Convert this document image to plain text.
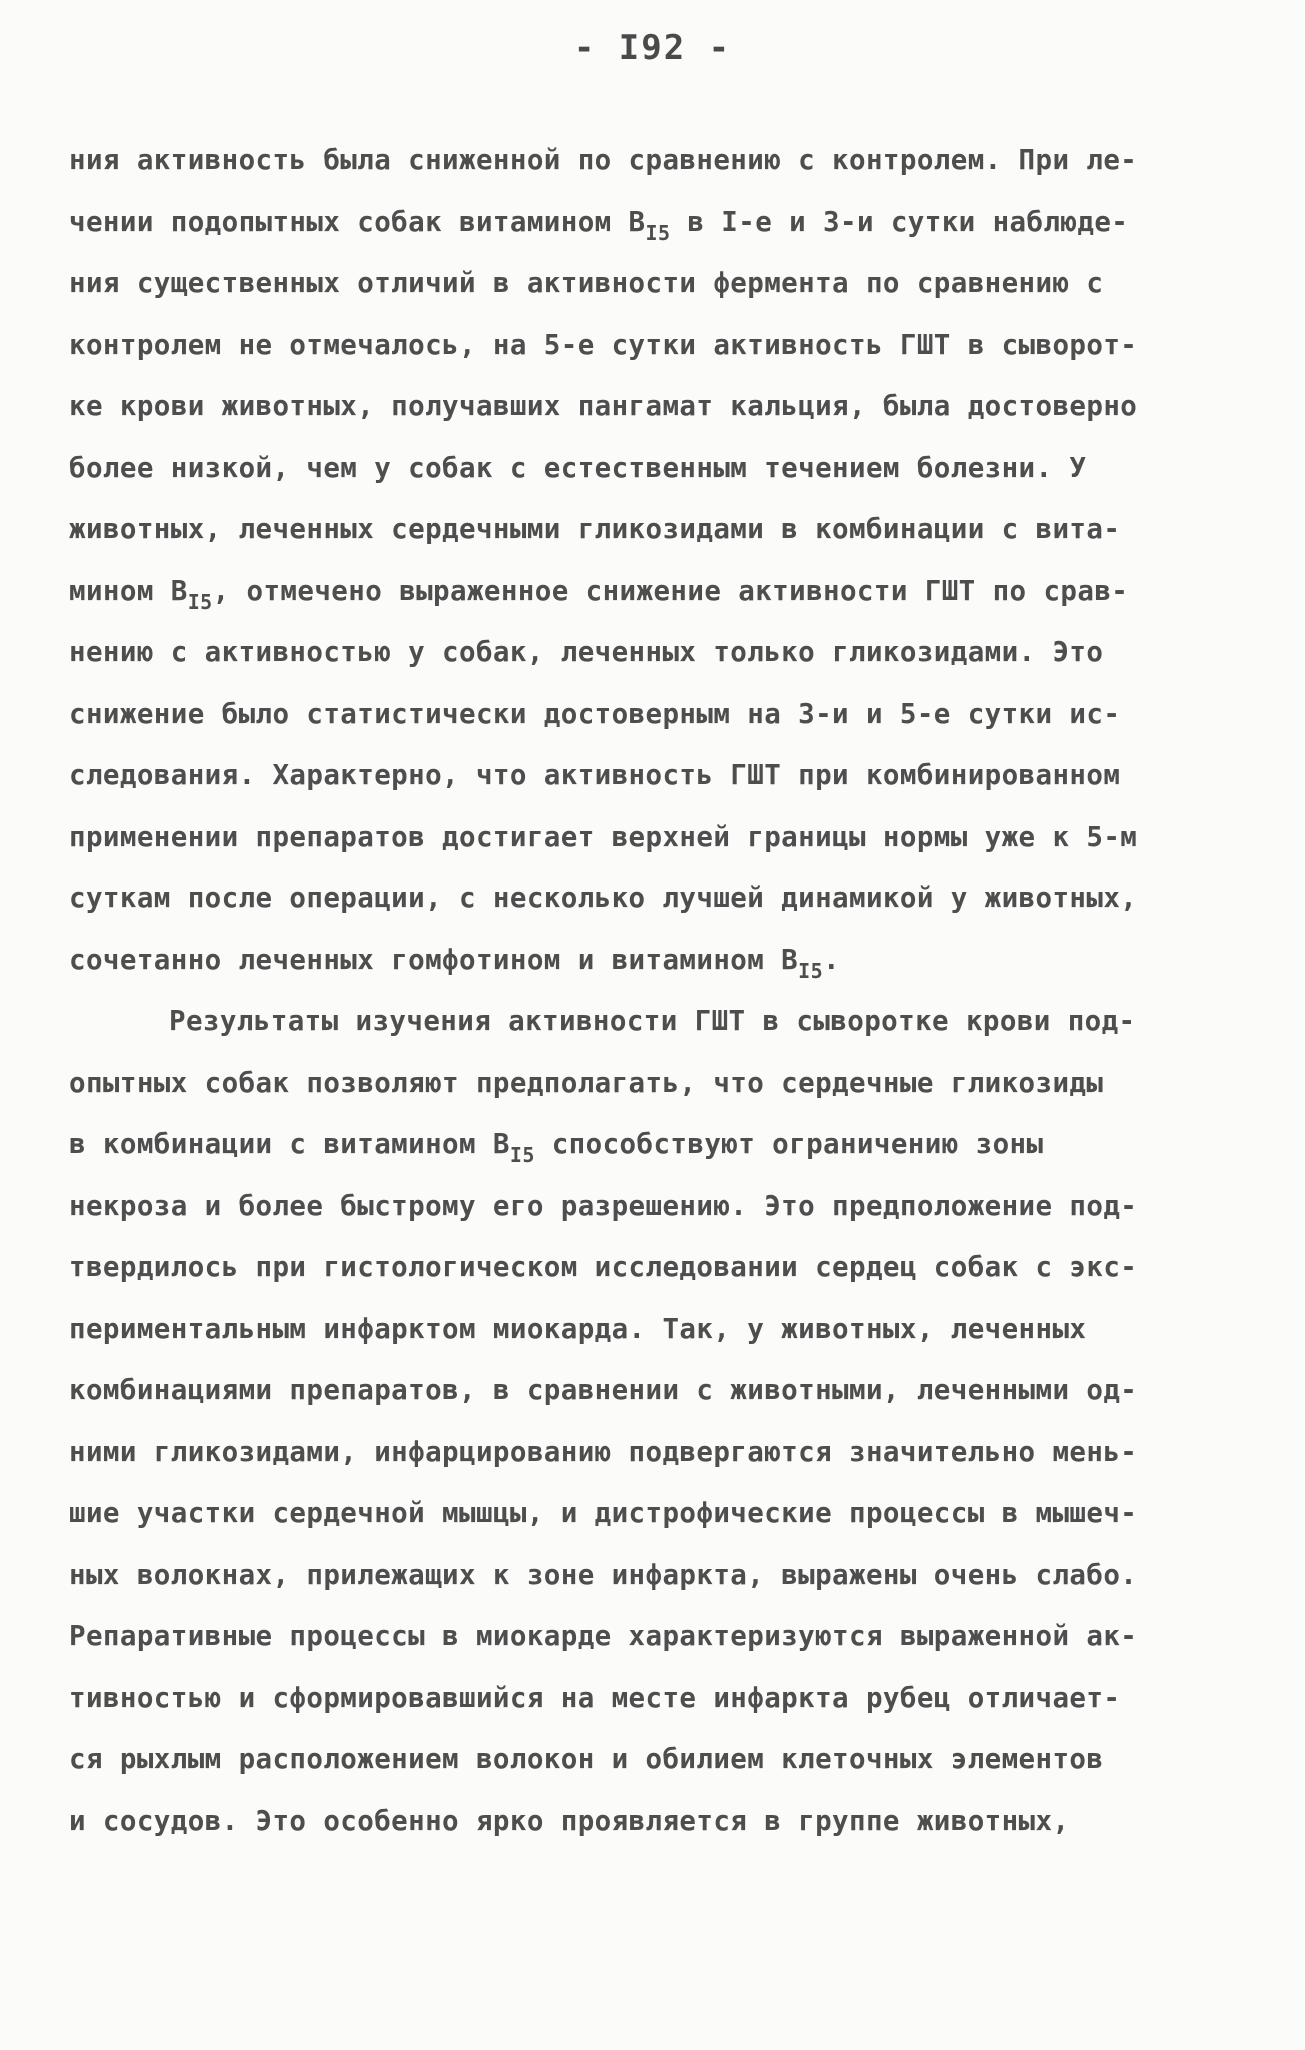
- I92 -
ния активность была сниженной по сравнению с контролем. При ле-
чении подопытных собак витамином $B_{I5}$ в I-е и 3-и сутки наблюде-
ния существенных отличий в активности фермента по сравнению с
контролем не отмечалось, на 5-е сутки активность ГШТ в сыворот-
ке крови животных, получавших пангамат кальция, была достоверно
более низкой, чем у собак с естественным течением болезни. У
животных, леченных сердечными гликозидами в комбинации с вита-
мином $B_{I5}$, отмечено выраженное снижение активности ГШТ по срав-
нению с активностью у собак, леченных только гликозидами. Это
снижение было статистически достоверным на 3-и и 5-е сутки ис-
следования. Характерно, что активность ГШТ при комбинированном
применении препаратов достигает верхней границы нормы уже к 5-м
суткам после операции, с несколько лучшей динамикой у животных,
сочетанно леченных гомфотином и витамином $B_{I5}$.
Результаты изучения активности ГШТ в сыворотке крови под-
опытных собак позволяют предполагать, что сердечные гликозиды
в комбинации с витамином $B_{I5}$ способствуют ограничению зоны
некроза и более быстрому его разрешению. Это предположение под-
твердилось при гистологическом исследовании сердец собак с экс-
периментальным инфарктом миокарда. Так, у животных, леченных
комбинациями препаратов, в сравнении с животными, леченными од-
ними гликозидами, инфарцированию подвергаются значительно мень-
шие участки сердечной мышцы, и дистрофические процессы в мышеч-
ных волокнах, прилежащих к зоне инфаркта, выражены очень слабо.
Репаративные процессы в миокарде характеризуются выраженной ак-
тивностью и сформировавшийся на месте инфаркта рубец отличает-
ся рыхлым расположением волокон и обилием клеточных элементов
и сосудов. Это особенно ярко проявляется в группе животных,
